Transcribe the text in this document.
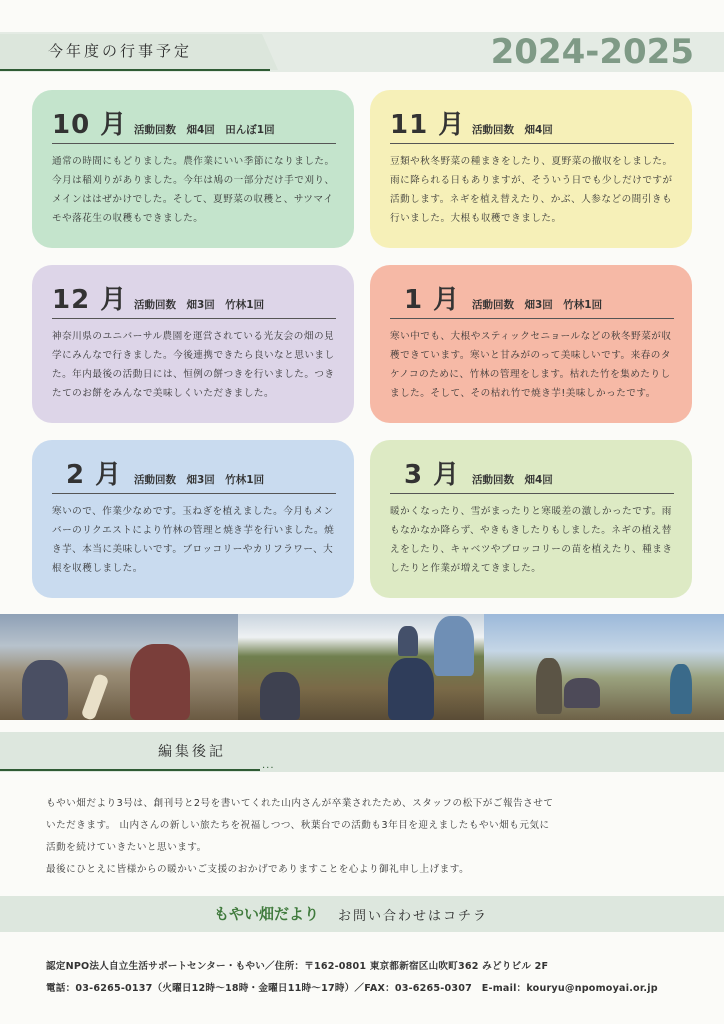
今年度の行事予定	2024-2025
10 月 活動回数　畑4回　田んぼ1回
通常の時間にもどりました。農作業にいい季節になりました。今月は稲刈りがありました。今年は鳩の一部分だけ手で刈り、メインははぜかけでした。そして、夏野菜の収穫と、サツマイモや落花生の収穫もできました。
11 月 活動回数　畑4回
豆類や秋冬野菜の種まきをしたり、夏野菜の撤収をしました。雨に降られる日もありますが、そういう日でも少しだけですが活動します。ネギを植え替えたり、かぶ、人参などの間引きも行いました。大根も収穫できました。
12 月 活動回数　畑3回　竹林1回
神奈川県のユニバーサル農園を運営されている光友会の畑の見学にみんなで行きました。今後連携できたら良いなと思いました。年内最後の活動日には、恒例の餅つきを行いました。つきたてのお餅をみんなで美味しくいただきました。
1 月	活動回数　畑3回　竹林1回
寒い中でも、大根やスティックセニョールなどの秋冬野菜が収穫できています。寒いと甘みがのって美味しいです。来春のタケノコのために、竹林の管理をします。枯れた竹を集めたりしました。そして、その枯れ竹で焼き芋!美味しかったです。
2 月	活動回数　畑3回　竹林1回
寒いので、作業少なめです。玉ねぎを植えました。今月もメンバーのリクエストにより竹林の管理と焼き芋を行いました。焼き芋、本当に美味しいです。ブロッコリーやカリフラワー、大根を収穫しました。
3 月	活動回数　畑4回
暖かくなったり、雪がまったりと寒暖差の激しかったです。雨もなかなか降らず、やきもきしたりもしました。ネギの植え替えをしたり、キャベツやブロッコリーの苗を植えたり、種まきしたりと作業が増えてきました。
編集後記
...
もやい畑だより3号は、創刊号と2号を書いてくれた山内さんが卒業されたため、スタッフの松下がご報告させて
いただきます。 山内さんの新しい旅たちを祝福しつつ、秋葉台での活動も3年目を迎えましたもやい畑も元気に
活動を続けていきたいと思います。
最後にひとえに皆様からの暖かいご支援のおかげでありますことを心より御礼申し上げます。
もやい畑だより お問い合わせはコチラ
認定NPO法人自立生活サポートセンター・もやい／住所：〒162-0801 東京都新宿区山吹町362 みどりビル 2F
電話：03-6265-0137（火曜日12時～18時・金曜日11時～17時）／FAX：03-6265-0307　E-mail：kouryu@npomoyai.or.jp
